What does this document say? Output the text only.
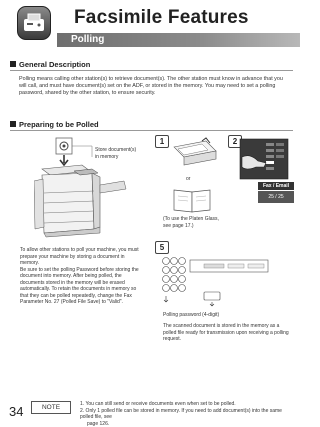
Facsimile Features
Polling
General Description
Polling means calling other station(s) to retrieve document(s). The other station must know in advance that you will call, and must have document(s) set on the ADF, or stored in the memory. You may need to set a polling password, shared by the other station, to ensure security.
Preparing to be Polled
Store document(s)
in memory
To allow other stations to poll your machine, you must
prepare your machine by storing a document in
memory.
Be sure to set the polling Password before storing the
document into memory. After being polled, the
documents stored in the memory will be erased
automatically. To retain the documents in memory so
that they can be polled repeatedly, change the Fax
Parameter No. 27 (Polled File Save) to "Valid".
1
or
(To use the Platen Glass,
see page 17.)
2
Fax / Email
25 / 25
5
Polling password (4-digit)
The scanned document is stored in the memory as a
polled file ready for transmission upon receiving a polling
request.
NOTE	1. You can still send or receive documents even when set to be polled.
2. Only 1 polled file can be stored in memory. If you need to add document(s) into the same polled file, see
page 126.
34
